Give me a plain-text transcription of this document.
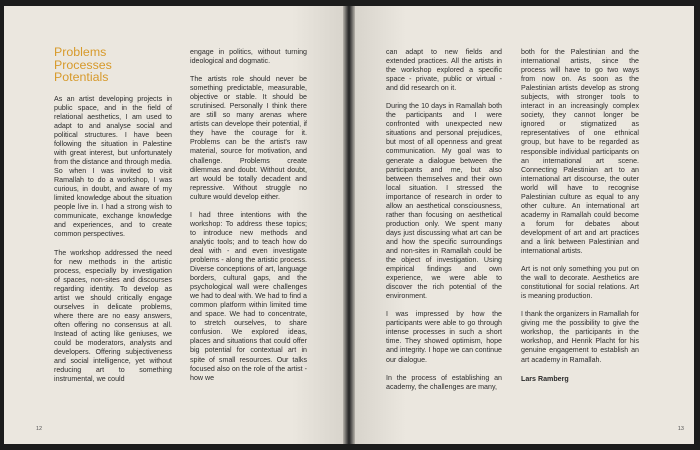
Problems
Processes
Potentials

As an artist developing projects in public space, and in the field of relational aesthetics, I am used to adapt to and analyse social and political structures. I have been following the situation in Palestine with great interest, but unfortunately from the distance and through media. So when I was invited to visit Ramallah to do a workshop, I was curious, in doubt, and aware of my limited knowledge about the situation people live in. I had a strong wish to communicate, exchange knowledge and experiences, and to create common perspectives.

The workshop addressed the need for new methods in the artistic process, especially by investigation of spaces, non-sites and discourses regarding identity. To develop as artist we should critically engage ourselves in delicate problems, where there are no easy answers, often offering no consensus at all. Instead of acting like geniuses, we could be moderators, analysts and developers. Offering subjectiveness and social intelligence, yet without reducing art to something instrumental, we could

engage in politics, without turning ideological and dogmatic.

The artists role should never be something predictable, measurable, objective or stable. It should be scrutinised. Personally I think there are still so many arenas where artists can develope their potential, if they have the courage for it. Problems can be the artist's raw material, source for motivation, and challenge. Problems create dilemmas and doubt. Without doubt, art would be totally decadent and repressive. Without struggle no culture would develop either.

I had three intentions with the workshop: To address these topics; to introduce new methods and analytic tools; and to teach how do deal with - and even investigate problems - along the artistic process. Diverse conceptions of art, language borders, cultural gaps, and the psychological wall were challenges we had to deal with. We had to find a common platform within limited time and space. We had to concentrate, to stretch ourselves, to share confusion. We explored ideas, places and situations that could offer big potential for contextual art in spite of small resources. Our talks focused also on the role of the artist - how we

12

can adapt to new fields and extended practices. All the artists in the workshop explored a specific space - private, public or virtual - and did research on it.

During the 10 days in Ramallah both the participants and I were confronted with unexpected new situations and personal prejudices, but most of all openness and great communication. My goal was to generate a dialogue between the participants and me, but also between themselves and their own local situation. I stressed the importance of research in order to allow an aesthetical consciousness, rather than focusing on aesthetical production only. We spent many days just discussing what art can be and how the specific surroundings and non-sites in Ramallah could be the object of investigation. Using empirical findings and own experience, we were able to discover the rich potential of the environment.

I was impressed by how the participants were able to go through intense processes in such a short time. They showed optimism, hope and integrity. I hope we can continue our dialogue.

In the process of establishing an academy, the challenges are many,

both for the Palestinian and the international artists, since the process will have to go two ways from now on. As soon as the Palestinian artists develop as strong subjects, with stronger tools to interact in an increasingly complex society, they cannot longer be ignored or stigmatized as representatives of one ethnical group, but have to be regarded as responsible individual participants on an international art scene. Connecting Palestinian art to an international art discourse, the outer world will have to recognise Palestinian culture as equal to any other culture. An international art academy in Ramallah could become a forum for debates about development of art and art practices and a link between Palestinian and international artists.

Art is not only something you put on the wall to decorate. Aesthetics are constitutional for social relations. Art is meaning production.

I thank the organizers in Ramallah for giving me the possibility to give the workshop, the participants in the workshop, and Henrik Placht for his genuine engagement to establish an art academy in Ramallah.

Lars Ramberg
13
